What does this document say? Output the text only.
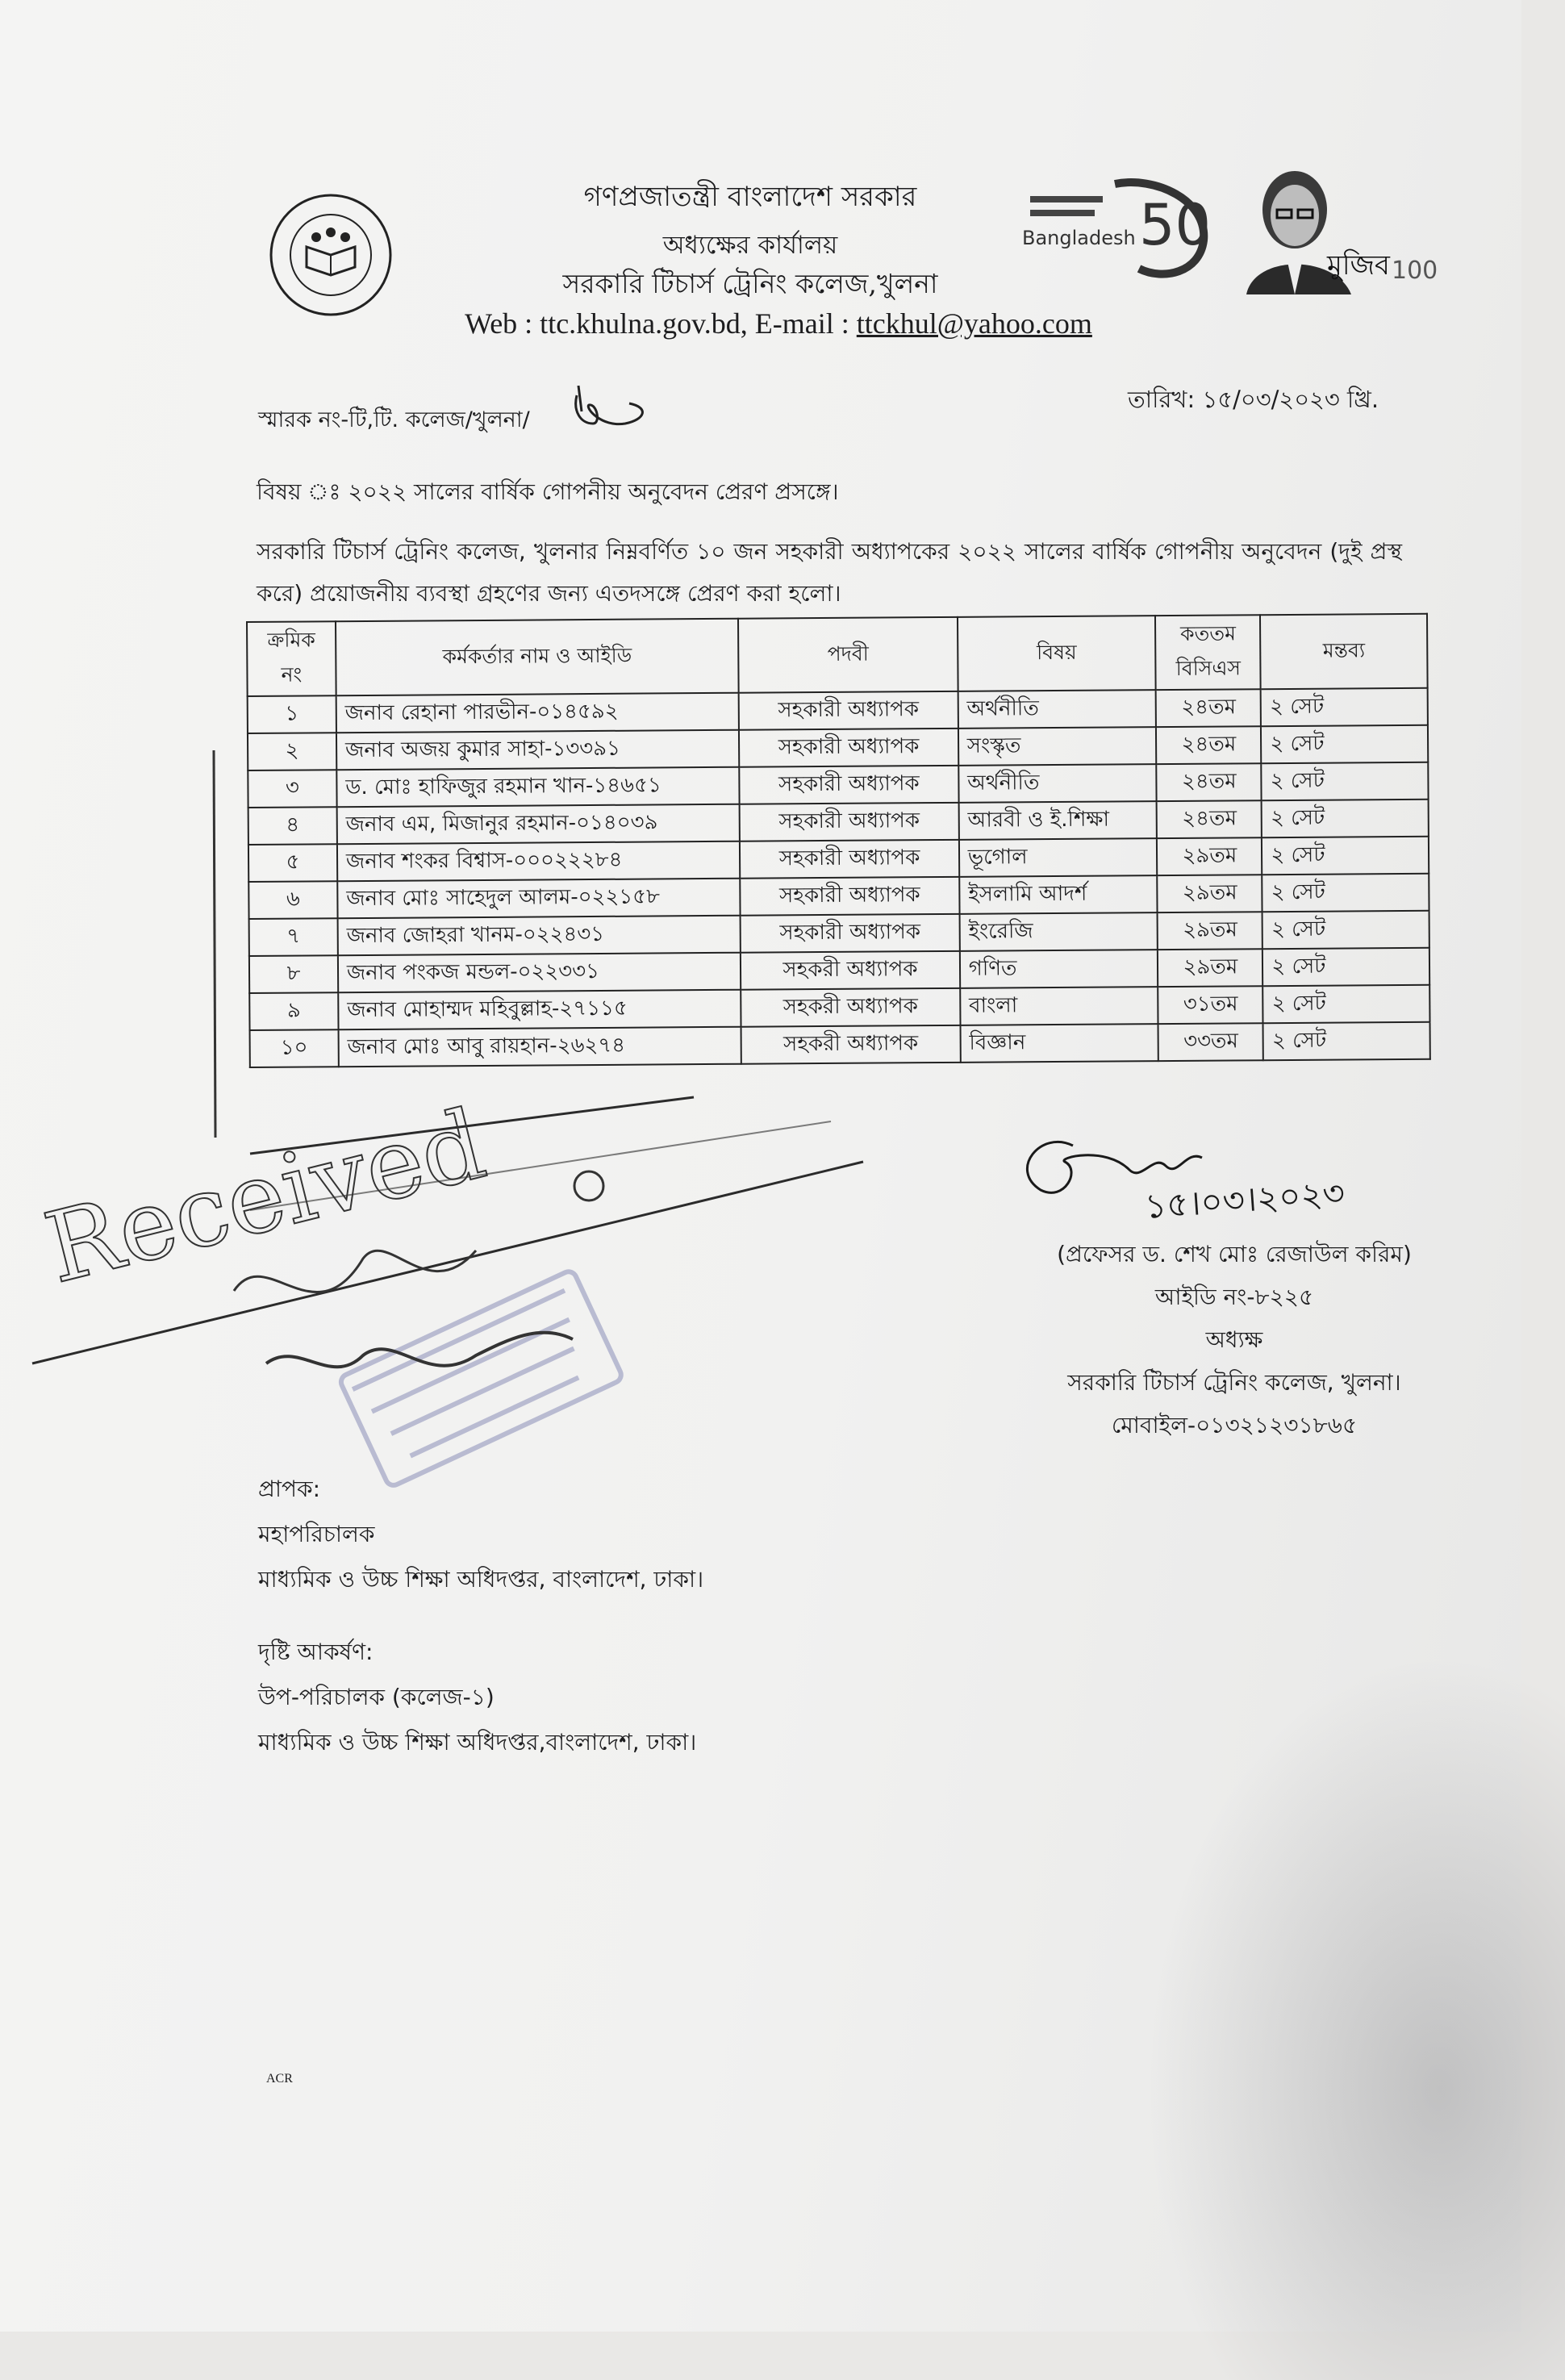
গণপ্রজাতন্ত্রী বাংলাদেশ সরকার
অধ্যক্ষের কার্যালয়
সরকারি টিচার্স ট্রেনিং কলেজ,খুলনা
Web : ttc.khulna.gov.bd, E-mail : ttckhul@yahoo.com
50
Bangladesh
মুজিব 100
স্মারক নং-টি,টি. কলেজ/খুলনা/
তারিখ: ১৫/০৩/২০২৩ খ্রি.
বিষয় ঃ ২০২২ সালের বার্ষিক গোপনীয় অনুবেদন প্রেরণ প্রসঙ্গে।
সরকারি টিচার্স ট্রেনিং কলেজ, খুলনার নিম্নবর্ণিত ১০ জন সহকারী অধ্যাপকের ২০২২ সালের বার্ষিক গোপনীয় অনুবেদন (দুই প্রস্থ করে) প্রয়োজনীয় ব্যবস্থা গ্রহণের জন্য এতদসঙ্গে প্রেরণ করা হলো।
ক্রমিক নং	কর্মকর্তার নাম ও আইডি	পদবী	বিষয়	কততম বিসিএস	মন্তব্য
১	জনাব রেহানা পারভীন-০১৪৫৯২	সহকারী অধ্যাপক	অর্থনীতি	২৪তম	২ সেট
২	জনাব অজয় কুমার সাহা-১৩৩৯১	সহকারী অধ্যাপক	সংস্কৃত	২৪তম	২ সেট
৩	ড. মোঃ হাফিজুর রহমান খান-১৪৬৫১	সহকারী অধ্যাপক	অর্থনীতি	২৪তম	২ সেট
৪	জনাব এম, মিজানুর রহমান-০১৪০৩৯	সহকারী অধ্যাপক	আরবী ও ই.শিক্ষা	২৪তম	২ সেট
৫	জনাব শংকর বিশ্বাস-০০০২২২৮৪	সহকারী অধ্যাপক	ভূগোল	২৯তম	২ সেট
৬	জনাব মোঃ সাহেদুল আলম-০২২১৫৮	সহকারী অধ্যাপক	ইসলামি আদর্শ	২৯তম	২ সেট
৭	জনাব জোহরা খানম-০২২৪৩১	সহকারী অধ্যাপক	ইংরেজি	২৯তম	২ সেট
৮	জনাব পংকজ মন্ডল-০২২৩৩১	সহকরী অধ্যাপক	গণিত	২৯তম	২ সেট
৯	জনাব মোহাম্মদ মহিবুল্লাহ-২৭১১৫	সহকরী অধ্যাপক	বাংলা	৩১তম	২ সেট
১০	জনাব মোঃ আবু রায়হান-২৬২৭৪	সহকরী অধ্যাপক	বিজ্ঞান	৩৩তম	২ সেট
১৫।০৩।২০২৩
(প্রফেসর ড. শেখ মোঃ রেজাউল করিম)
আইডি নং-৮২২৫
অধ্যক্ষ
সরকারি টিচার্স ট্রেনিং কলেজ, খুলনা।
মোবাইল-০১৩২১২৩১৮৬৫
Received
প্রাপক:
মহাপরিচালক
মাধ্যমিক ও উচ্চ শিক্ষা অধিদপ্তর, বাংলাদেশ, ঢাকা।
দৃষ্টি আকর্ষণ:
উপ-পরিচালক (কলেজ-১)
মাধ্যমিক ও উচ্চ শিক্ষা অধিদপ্তর,বাংলাদেশ, ঢাকা।
ACR
